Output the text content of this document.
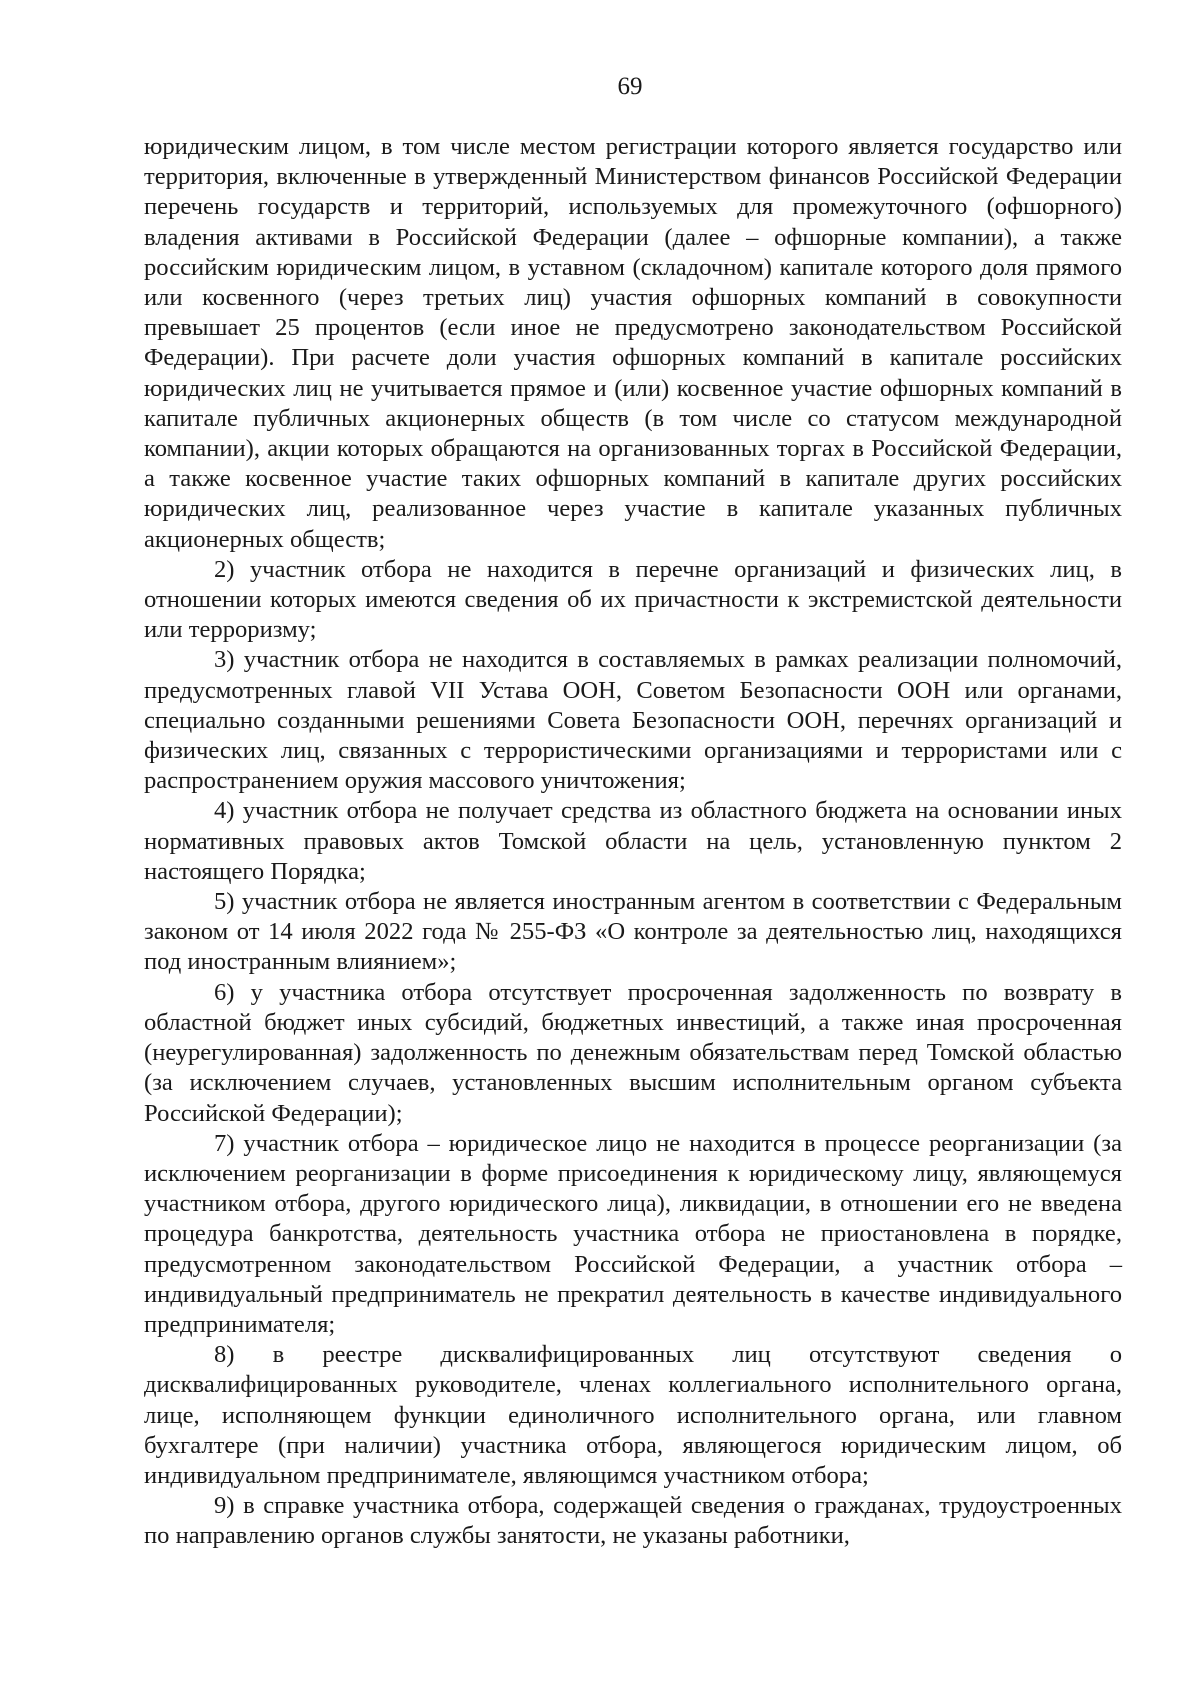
69

юридическим лицом, в том числе местом регистрации которого является государство или территория, включенные в утвержденный Министерством финансов Российской Федерации перечень государств и территорий, используемых для промежуточного (офшорного) владения активами в Российской Федерации (далее – офшорные компании), а также российским юридическим лицом, в уставном (складочном) капитале которого доля прямого или косвенного (через третьих лиц) участия офшорных компаний в совокупности превышает 25 процентов (если иное не предусмотрено законодательством Российской Федерации). При расчете доли участия офшорных компаний в капитале российских юридических лиц не учитывается прямое и (или) косвенное участие офшорных компаний в капитале публичных акционерных обществ (в том числе со статусом международной компании), акции которых обращаются на организованных торгах в Российской Федерации, а также косвенное участие таких офшорных компаний в капитале других российских юридических лиц, реализованное через участие в капитале указанных публичных акционерных обществ;

2) участник отбора не находится в перечне организаций и физических лиц, в отношении которых имеются сведения об их причастности к экстремистской деятельности или терроризму;

3) участник отбора не находится в составляемых в рамках реализации полномочий, предусмотренных главой VII Устава ООН, Советом Безопасности ООН или органами, специально созданными решениями Совета Безопасности ООН, перечнях организаций и физических лиц, связанных с террористическими организациями и террористами или с распространением оружия массового уничтожения;

4) участник отбора не получает средства из областного бюджета на основании иных нормативных правовых актов Томской области на цель, установленную пунктом 2 настоящего Порядка;

5) участник отбора не является иностранным агентом в соответствии с Федеральным законом от 14 июля 2022 года № 255-ФЗ «О контроле за деятельностью лиц, находящихся под иностранным влиянием»;

6) у участника отбора отсутствует просроченная задолженность по возврату в областной бюджет иных субсидий, бюджетных инвестиций, а также иная просроченная (неурегулированная) задолженность по денежным обязательствам перед Томской областью (за исключением случаев, установленных высшим исполнительным органом субъекта Российской Федерации);

7) участник отбора – юридическое лицо не находится в процессе реорганизации (за исключением реорганизации в форме присоединения к юридическому лицу, являющемуся участником отбора, другого юридического лица), ликвидации, в отношении его не введена процедура банкротства, деятельность участника отбора не приостановлена в порядке, предусмотренном законодательством Российской Федерации, а участник отбора – индивидуальный предприниматель не прекратил деятельность в качестве индивидуального предпринимателя;

8) в реестре дисквалифицированных лиц отсутствуют сведения о дисквалифицированных руководителе, членах коллегиального исполнительного органа, лице, исполняющем функции единоличного исполнительного органа, или главном бухгалтере (при наличии) участника отбора, являющегося юридическим лицом, об индивидуальном предпринимателе, являющимся участником отбора;

9) в справке участника отбора, содержащей сведения о гражданах, трудоустроенных по направлению органов службы занятости, не указаны работники,
